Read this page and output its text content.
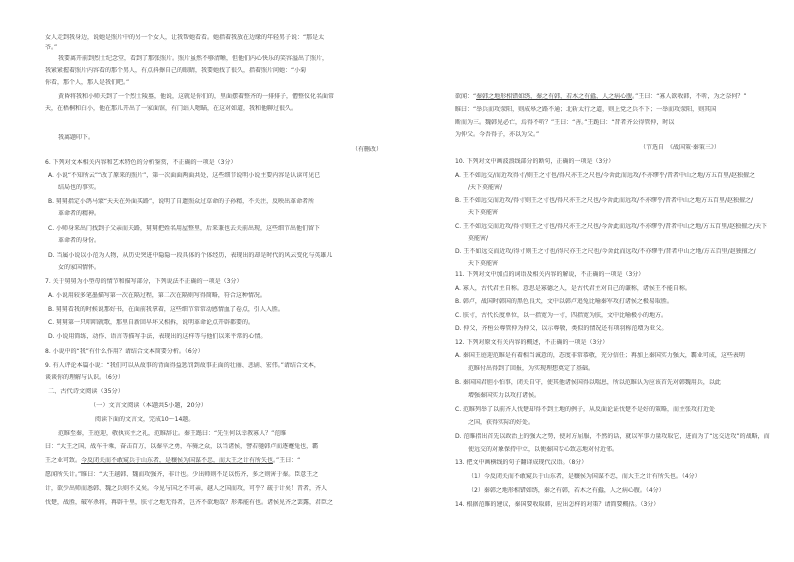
女人走到我身边，说她是照片中的另一个女人，让我帮她看看。她指着我放在边缘的年轻男子说：“那是太
爷。”
我要离开前到烈士纪念堂，看到了那张照片。照片虽然不够清晰，但他们内心快乐的笑容溢出了照片，
我紧紧握着照片内容看的那个男人，有点抖擦自己的眼睛，我要她找了很久，指着照片问她：“小菊
你看，那个人，那人是我们吧。”
黄昏将我和小师夫到了一个烈士陵墓，他说，这就是你们的，里面摆着整齐的一排排子，僧整仪化名面常
天，在梧桐和白小，他在那儿开出了一家面馆，有门站人嗯瞄，在这对如道，我和他聊过很久。
我离题印下。
（有删改）
6. 下列对文本相关内容和艺术特色的分析鉴赏，不正确的一项是（3分）
A. 小说“不知所云”“改了原来的照片”，第一次面面两面共处，这些细节说明小说主要内容是认读可见已
结局也的事实。
B. 舅舅指定小鸽马蒙“天天在外面买路”，说明了自遗照众过草命的子孙精，不关注，反映出革命者所
革命者的精神。
C. 小师身来出门找到子父亲而夫路，舅舅把姓名用屋整里，后来兼也去关前出现，这些细节出他们留下
革命者的身份。
D. 当属小说以小范为人物，从历史突进中隐隐一段具体的个体经历，表现出的却是时代的风云变化与英雄儿
女的家国情怀。
7. 关于舅舅为小型母的情节和描写部分，下列说法不正确的一项是（3分）
A. 小说用较多笔墨描写第一次在隔过程，第二次在隔则写得简略，符合这种情况。
B. 舅舅看我的时候说那好书，在面前我拿着，这些细节常常动感情血了卷点，引人入胜。
C. 舅舅第一只唱唱就歌，那里自新回早坏又相拆，说明革命论点开辟都要的。
D. 小说用简练，动作、语言等描写手法，表现出的这样等与他们以来平常的心情。
8. 小说中的“我”有什么作用？请结合文本简要分析。（6分）
9. 有人评论本篇小说：“我们可以从故事的背面得益惩罚到故事正面的壮丽、悲剧、宏伟。”请结合文本，
谈谈你的理解与认识。（6分）
二、古代诗文阅读（35分）
（一）文言文阅读（本题共5小题，20分）
阅读下面的文言文，完成10～14题。
范睢至秦，王庭迎，敬执宾主之礼，范睢辞让。秦王跽曰：“先生何以幸教寡人？”范睢
曰：“大王之国，战车千乘，奋击百万，以秦卒之勇，车骑之众，以当诸侯，譬若驰韩卢而逐蹇兔也，霸
王之业可致。今反闭关而不敢窥兵于山东者，是穰侯为国谋不忠，而大王之计有所失也。”王曰：“
愿闻所失计。”睢曰：“大王越韩、魏而攻强齐，非计也。少出师则不足以伤齐，多之则害于秦。臣意王之
计，欲少出师而悉韩、魏之兵则不义矣。今见与国之不可亲，越人之国而攻，可乎？疏于计矣！昔者，齐人
伐楚，战胜，破军杀将，再辟千里，肤寸之地无得者，岂齐不欲地哉？形弗能有也。诸侯见齐之罢露，君臣之
欲闻：“秦韩之地形相错如绣，秦之有韩，若木之有蠹，人之病心腹。”王曰：“寡人欲收韩，不听，为之奈何？”
睢曰：“举兵而攻荥阳，则成皋之路不通；北斩太行之道，则上党之兵不下；一举而攻荥阳，则其国
断而为三。魏韩见必亡，焉得不听？”王曰：“善。”王跪曰：“昔者齐公得管仲，时以
为仲父。今吾得子，亦以为父。”
（节选自　《战国策·秦策三》）
10. 下列对文中画波浪线部分的断句，正确的一项是（3分）
A. 王不如远交/而近攻得寸/则王之寸也/得尺亦王之尺也/今舍此而远攻/不亦缪乎/昔者中山之地/方五百里/赵独擅之
/天下莫能害/
B. 王不如远交而近攻/得寸则王之寸也/得尺亦王之尺也/今舍此而远攻/不亦缪乎/昔者中山之地方五百里/赵独擅之/
天下莫能害
C. 王不如远交而近攻/得寸则王之寸也/得尺亦王之尺也/今舍此而远攻/不亦缪乎/昔者中山之地/方五百里/赵独擅之/天下
莫能害/
D. 王不如远交而近攻/得寸则王之寸也/得尺亦王之尺也/今舍此而远攻/不亦缪乎/昔者中山之地/方五百里/赵独擅之/
天下莫能害
11. 下列对文中加点的词语及相关内容的解说，不正确的一项是（3分）
A. 寡人，古代君主自称。意思是寡德之人，是古代君主对自己的谦称，诸侯王不能自称。
B. 韩卢，战国时韩国的黑色良犬，文中以韩卢追兔比喻秦军攻打诸侯之极易取胜。
C. 肤寸，古代长度单位，以一指宽为一寸，四指宽为肤，文中比喻极小的地方。
D. 仲父，齐桓公尊管仲为仲父，以示尊敬，类似的情况还有项羽称范增为亚父。
12. 下列对原文有关内容的概述，不正确的一项是（3分）
A. 秦国王庭迎范睢是有着相当诚意的，态度非常恭敬，充分信任；再加上秦国实力强大，霸业可成，这些表明
范睢付出得到了回报，为实现理想奠定了基础。
B. 秦国国君胆小怕事，闭关自守，使其他诸侯国得以喘息，所以范睢认为应该首先对韩魏用兵，以此
增强秦国实力以攻打诸侯。
C. 范睢列举了以前齐人伐楚却得不到土地的例子，从反面论证伐楚不是好的策略，而主张攻打近处
之国，获得实际的好处。
D. 范睢指出首先以政治上的强大之势，使对方屈服，不然的话，就以军事力量攻取它，进而为了“远交近攻”的战略，而
使远交的对象保持中立，以便秦国专心致志地对付近邻。
13. 把文中画横线的句子翻译成现代汉语。（8分）
（1）今反闭关而不敢窥兵于山东者，是穰侯为国谋不忠，而大王之计有所失也。（4分）
（2）秦韩之地形相错如绣，秦之有韩，若木之有蠹，人之病心腹。（4分）
14. 根据范睢的建议，秦国要收取韩，应出怎样的对策？请简要概括。（3分）
